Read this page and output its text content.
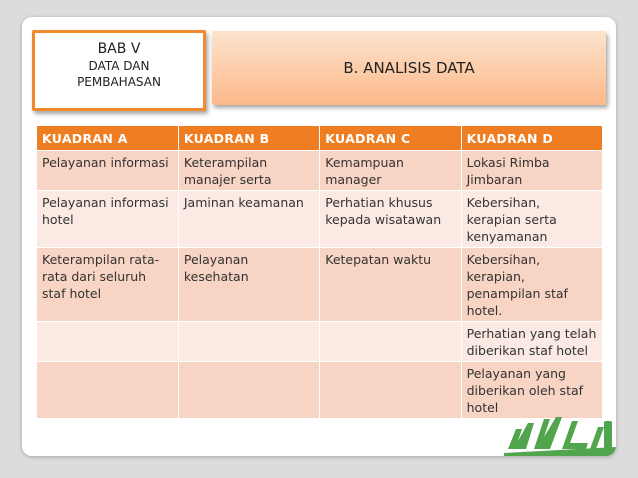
BAB V
DATA DAN
PEMBAHASAN
B. ANALISIS DATA
KUADRAN A	KUADRAN B	KUADRAN C	KUADRAN D
Pelayanan informasi	Keterampilan manajer serta	Kemampuan manager	Lokasi Rimba Jimbaran
Pelayanan informasi hotel	Jaminan keamanan	Perhatian khusus kepada wisatawan	Kebersihan, kerapian serta kenyamanan
Keterampilan rata-rata dari seluruh staf hotel	Pelayanan kesehatan	Ketepatan waktu	Kebersihan, kerapian, penampilan staf hotel.
			Perhatian yang telah diberikan staf hotel
			Pelayanan yang diberikan oleh staf hotel
